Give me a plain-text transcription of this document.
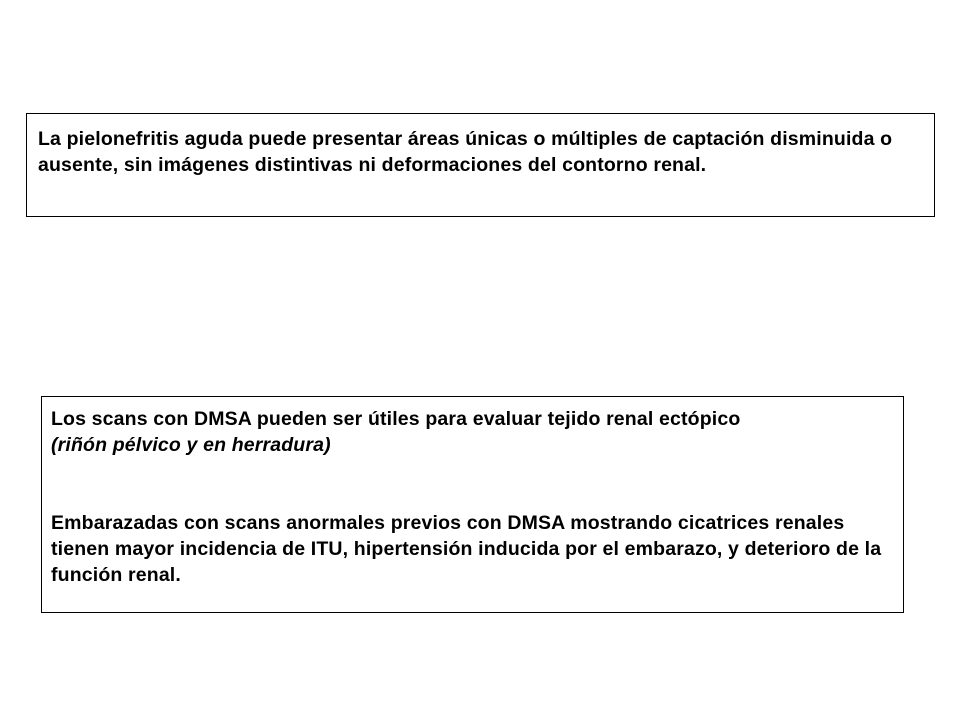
La pielonefritis aguda puede presentar áreas únicas o múltiples de captación disminuida o ausente, sin imágenes distintivas ni deformaciones del contorno renal.

Los scans con DMSA pueden ser útiles para evaluar tejido renal ectópico

(riñón pélvico y en herradura)

Embarazadas con scans anormales previos con DMSA mostrando cicatrices renales tienen mayor incidencia de ITU, hipertensión inducida por el embarazo, y deterioro de la función renal.
